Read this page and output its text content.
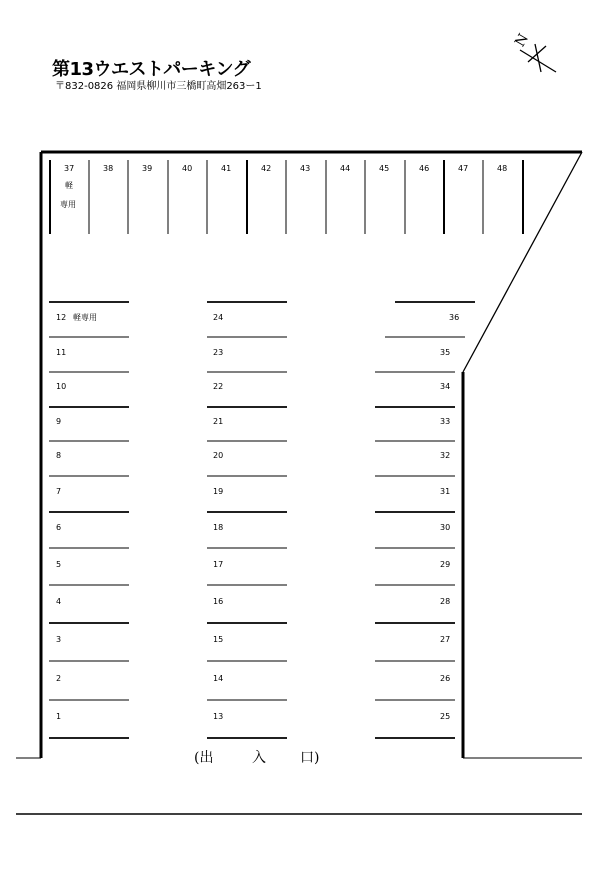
第13ウエストパーキング
〒832-0826 福岡県柳川市三橋町高畑263ー1
N
37	38	39	40	41	42	43	44	45	46	47	48
軽
専用
12
11
10
9
8
7
6
5
4
3
2
1
24
23
22
21
20
19
18
17
16
15
14
13
36
35
34
33
32
31
30
29
28
27
26
25
軽専用
(出	入 口)
